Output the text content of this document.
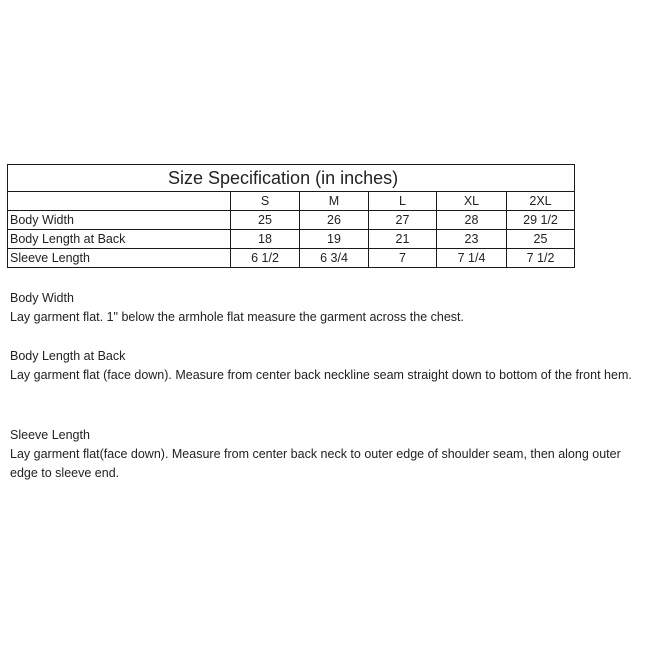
Size Specification (in inches)					
	S	M	L	XL	2XL
Body Width	25	26	27	28	29 1/2
Body Length at Back	18	19	21	23	25
Sleeve Length	6 1/2	6 3/4	7	7 1/4	7 1/2
Body Width
Lay garment flat. 1" below the armhole flat measure the garment across the chest.
Body Length at Back
Lay garment flat (face down). Measure from center back neckline seam straight down to bottom of the front hem.
Sleeve Length
Lay garment flat(face down). Measure from center back neck to outer edge of shoulder seam, then along outer edge to sleeve end.
